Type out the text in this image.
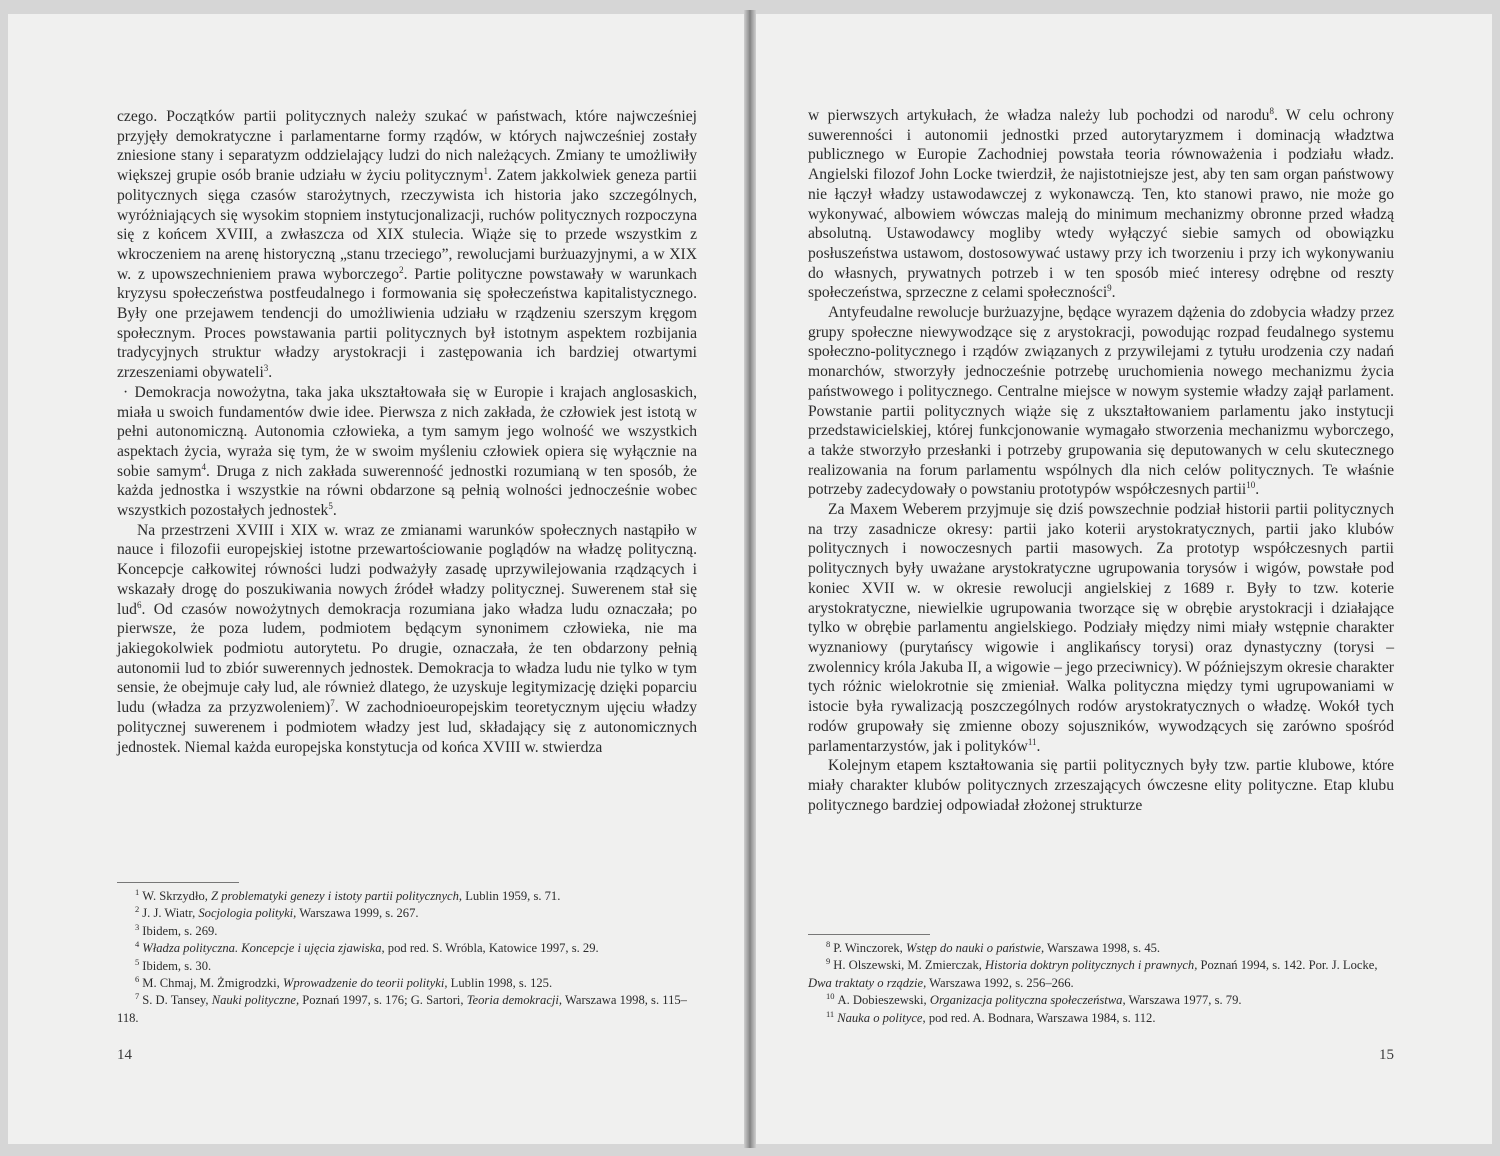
czego. Początków partii politycznych należy szukać w państwach, które najwcześniej przyjęły demokratyczne i parlamentarne formy rządów, w których najwcześniej zostały zniesione stany i separatyzm oddzielający ludzi do nich należących. Zmiany te umożliwiły większej grupie osób branie udziału w życiu politycznym$^1$. Zatem jakkolwiek geneza partii politycznych sięga czasów starożytnych, rzeczywista ich historia jako szczególnych, wyróżniających się wysokim stopniem instytucjonalizacji, ruchów politycznych rozpoczyna się z końcem XVIII, a zwłaszcza od XIX stulecia. Wiąże się to przede wszystkim z wkroczeniem na arenę historyczną „stanu trzeciego”, rewolucjami burżuazyjnymi, a w XIX w. z upowszechnieniem prawa wyborczego$^2$. Partie polityczne powstawały w warunkach kryzysu społeczeństwa postfeudalnego i formowania się społeczeństwa kapitalistycznego. Były one przejawem tendencji do umożliwienia udziału w rządzeniu szerszym kręgom społecznym. Proces powstawania partii politycznych był istotnym aspektem rozbijania tradycyjnych struktur władzy arystokracji i zastępowania ich bardziej otwartymi zrzeszeniami obywateli$^3$.

· Demokracja nowożytna, taka jaka ukształtowała się w Europie i krajach anglosaskich, miała u swoich fundamentów dwie idee. Pierwsza z nich zakłada, że człowiek jest istotą w pełni autonomiczną. Autonomia człowieka, a tym samym jego wolność we wszystkich aspektach życia, wyraża się tym, że w swoim myśleniu człowiek opiera się wyłącznie na sobie samym$^4$. Druga z nich zakłada suwerenność jednostki rozumianą w ten sposób, że każda jednostka i wszystkie na równi obdarzone są pełnią wolności jednocześnie wobec wszystkich pozostałych jednostek$^5$.

Na przestrzeni XVIII i XIX w. wraz ze zmianami warunków społecznych nastąpiło w nauce i filozofii europejskiej istotne przewartościowanie poglądów na władzę polityczną. Koncepcje całkowitej równości ludzi podważyły zasadę uprzywilejowania rządzących i wskazały drogę do poszukiwania nowych źródeł władzy politycznej. Suwerenem stał się lud$^6$. Od czasów nowożytnych demokracja rozumiana jako władza ludu oznaczała; po pierwsze, że poza ludem, podmiotem będącym synonimem człowieka, nie ma jakiegokolwiek podmiotu autorytetu. Po drugie, oznaczała, że ten obdarzony pełnią autonomii lud to zbiór suwerennych jednostek. Demokracja to władza ludu nie tylko w tym sensie, że obejmuje cały lud, ale również dlatego, że uzyskuje legitymizację dzięki poparciu ludu (władza za przyzwoleniem)$^7$. W zachodnioeuropejskim teoretycznym ujęciu władzy politycznej suwerenem i podmiotem władzy jest lud, składający się z autonomicznych jednostek. Niemal każda europejska konstytucja od końca XVIII w. stwierdza

$^1$ W. Skrzydło, Z problematyki genezy i istoty partii politycznych, Lublin 1959, s. 71.

$^2$ J. J. Wiatr, Socjologia polityki, Warszawa 1999, s. 267.

$^3$ Ibidem, s. 269.

$^4$ Władza polityczna. Koncepcje i ujęcia zjawiska, pod red. S. Wróbla, Katowice 1997, s. 29.

$^5$ Ibidem, s. 30.

$^6$ M. Chmaj, M. Żmigrodzki, Wprowadzenie do teorii polityki, Lublin 1998, s. 125.

$^7$ S. D. Tansey, Nauki polityczne, Poznań 1997, s. 176; G. Sartori, Teoria demokracji, Warszawa 1998, s. 115–118.

14

w pierwszych artykułach, że władza należy lub pochodzi od narodu$^8$. W celu ochrony suwerenności i autonomii jednostki przed autorytaryzmem i dominacją władztwa publicznego w Europie Zachodniej powstała teoria równoważenia i podziału władz. Angielski filozof John Locke twierdził, że najistotniejsze jest, aby ten sam organ państwowy nie łączył władzy ustawodawczej z wykonawczą. Ten, kto stanowi prawo, nie może go wykonywać, albowiem wówczas maleją do minimum mechanizmy obronne przed władzą absolutną. Ustawodawcy mogliby wtedy wyłączyć siebie samych od obowiązku posłuszeństwa ustawom, dostosowywać ustawy przy ich tworzeniu i przy ich wykonywaniu do własnych, prywatnych potrzeb i w ten sposób mieć interesy odrębne od reszty społeczeństwa, sprzeczne z celami społeczności$^9$.

Antyfeudalne rewolucje burżuazyjne, będące wyrazem dążenia do zdobycia władzy przez grupy społeczne niewywodzące się z arystokracji, powodując rozpad feudalnego systemu społeczno-politycznego i rządów związanych z przywilejami z tytułu urodzenia czy nadań monarchów, stworzyły jednocześnie potrzebę uruchomienia nowego mechanizmu życia państwowego i politycznego. Centralne miejsce w nowym systemie władzy zajął parlament. Powstanie partii politycznych wiąże się z ukształtowaniem parlamentu jako instytucji przedstawicielskiej, której funkcjonowanie wymagało stworzenia mechanizmu wyborczego, a także stworzyło przesłanki i potrzeby grupowania się deputowanych w celu skutecznego realizowania na forum parlamentu wspólnych dla nich celów politycznych. Te właśnie potrzeby zadecydowały o powstaniu prototypów współczesnych partii$^{10}$.

Za Maxem Weberem przyjmuje się dziś powszechnie podział historii partii politycznych na trzy zasadnicze okresy: partii jako koterii arystokratycznych, partii jako klubów politycznych i nowoczesnych partii masowych. Za prototyp współczesnych partii politycznych były uważane arystokratyczne ugrupowania torysów i wigów, powstałe pod koniec XVII w. w okresie rewolucji angielskiej z 1689 r. Były to tzw. koterie arystokratyczne, niewielkie ugrupowania tworzące się w obrębie arystokracji i działające tylko w obrębie parlamentu angielskiego. Podziały między nimi miały wstępnie charakter wyznaniowy (purytańscy wigowie i anglikańscy torysi) oraz dynastyczny (torysi – zwolennicy króla Jakuba II, a wigowie – jego przeciwnicy). W późniejszym okresie charakter tych różnic wielokrotnie się zmieniał. Walka polityczna między tymi ugrupowaniami w istocie była rywalizacją poszczególnych rodów arystokratycznych o władzę. Wokół tych rodów grupowały się zmienne obozy sojuszników, wywodzących się zarówno spośród parlamentarzystów, jak i polityków$^{11}$.

Kolejnym etapem kształtowania się partii politycznych były tzw. partie klubowe, które miały charakter klubów politycznych zrzeszających ówczesne elity polityczne. Etap klubu politycznego bardziej odpowiadał złożonej strukturze

$^8$ P. Winczorek, Wstęp do nauki o państwie, Warszawa 1998, s. 45.

$^9$ H. Olszewski, M. Zmierczak, Historia doktryn politycznych i prawnych, Poznań 1994, s. 142. Por. J. Locke, Dwa traktaty o rządzie, Warszawa 1992, s. 256–266.

$^{10}$ A. Dobieszewski, Organizacja polityczna społeczeństwa, Warszawa 1977, s. 79.

$^{11}$ Nauka o polityce, pod red. A. Bodnara, Warszawa 1984, s. 112.

15
